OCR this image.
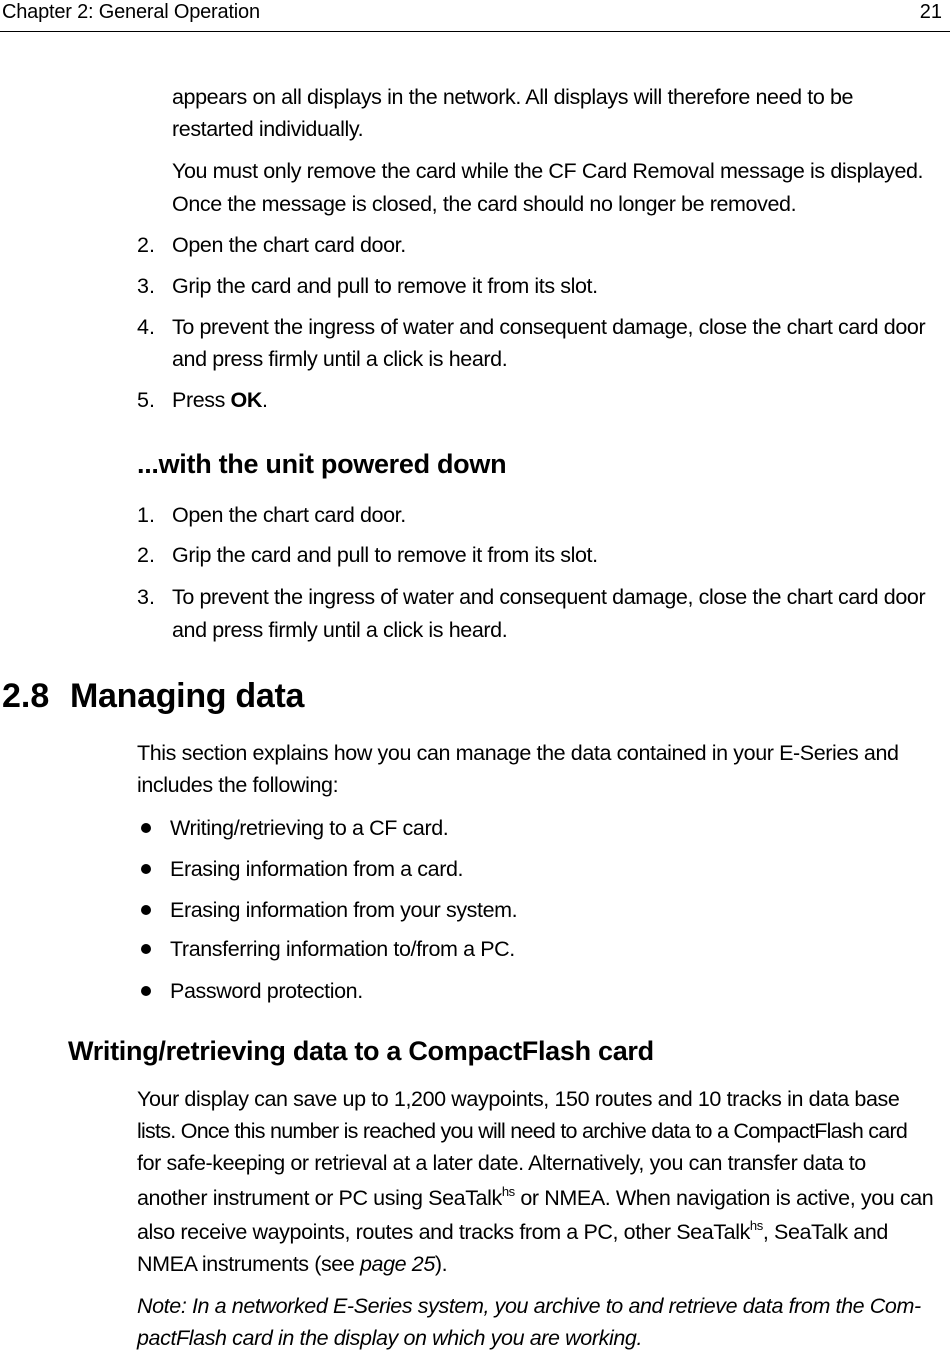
Chapter 2: General Operation	21
appears on all displays in the network. All displays will therefore need to be
restarted individually.
You must only remove the card while the CF Card Removal message is displayed.
Once the message is closed, the card should no longer be removed.
2. Open the chart card door.
3. Grip the card and pull to remove it from its slot.
4. To prevent the ingress of water and consequent damage, close the chart card door
and press firmly until a click is heard.
5. Press OK.
...with the unit powered down
1. Open the chart card door.
2. Grip the card and pull to remove it from its slot.
3. To prevent the ingress of water and consequent damage, close the chart card door
and press firmly until a click is heard.
2.8 Managing data
This section explains how you can manage the data contained in your E-Series and
includes the following:
Writing/retrieving to a CF card.
Erasing information from a card.
Erasing information from your system.
Transferring information to/from a PC.
Password protection.
Writing/retrieving data to a CompactFlash card
Your display can save up to 1,200 waypoints, 150 routes and 10 tracks in data base
lists. Once this number is reached you will need to archive data to a CompactFlash card
for safe-keeping or retrieval at a later date. Alternatively, you can transfer data to
another instrument or PC using SeaTalk$^{hs}$ or NMEA. When navigation is active, you can
also receive waypoints, routes and tracks from a PC, other SeaTalk$^{hs}$, SeaTalk and
NMEA instruments (see page 25).
Note: In a networked E-Series system, you archive to and retrieve data from the Com-
pactFlash card in the display on which you are working.
